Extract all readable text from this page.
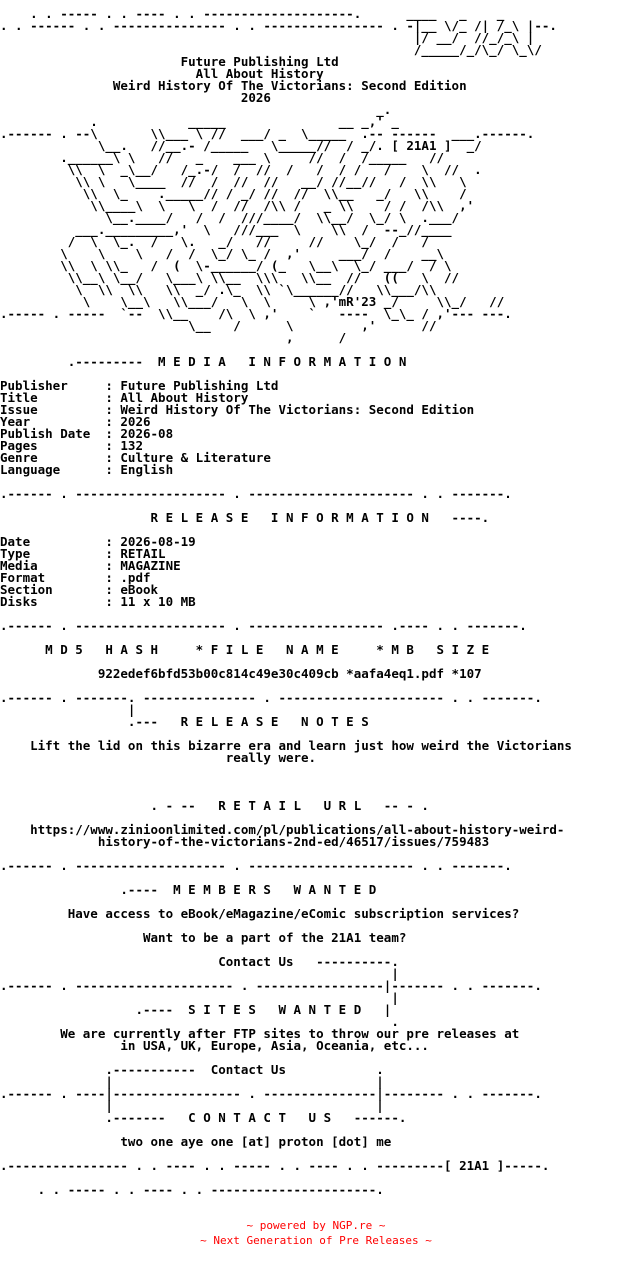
. . ----- . . ---- . . --------------------.      ____   _    _
. . ------ . . --------------- . . ---------------- . -|__ \/_ /| /_\ |--.
|/ __/  //_/_\ |
/_____/_/\_/ \_\/
Future Publishing Ltd
All About History
Weird History Of The Victorians: Second Edition
2026
_.
.            _____               __ _,' _
.------ . --\       \\___ \ //  ___/ _  \_____  .-- ------  ___.------.
\__.   //__.- /_____   \_____//  / _/. [ 21A1 ]  _/
.______\ \   //   _    ___ \     //  /  /_____   //
\\  \  _\__/   /_.-/  /  //  /   /  / /   /    \  //  .
\\ \   \____  //  /  //  //   __/ //__//   /  \\   \
\\  \_    ._____// / _/ //  //  \\__   _/   \\    /
\\____\  \   \  /  //  /\\ /   _ \\    / /  /\\  ,'
\__.____/   /  /  ///____/  \\__/  \_/ \  .___/
___._________,'  \   ///___  \    \\  /  --_//____
/  \  \_.  /   \.   _/   //     //    \_/  /   /
\    \    \   /  /  \_/ \_ /  ,'     ___/  /    __\
\\  \ \\_   /  (  \-______/ (_   \__\  \_/ ___/  / \
\\__\ \__/   \___\ \\__  \\\   \\__  //   ((   \  //
\  \\  \\   \\  _/ .\_  \\ `\______//   \\___/\\
\    \__\   \\___/   \  \     \ ,'mR'23 _/     \\_/   //
.----- . -----  `--  \\__    /\  \ ,'    `   ----  \_\_ / ,'--- ---.
\__   /      \         ,'      //
,      /

.---------  M E D I A   I N F O R M A T I O N

Publisher     : Future Publishing Ltd
Title         : All About History
Issue         : Weird History Of The Victorians: Second Edition
Year          : 2026
Publish Date  : 2026-08
Pages         : 132
Genre         : Culture & Literature
Language      : English

.------ . -------------------- . ---------------------- . . -------.

R E L E A S E   I N F O R M A T I O N   ----.

Date          : 2026-08-19
Type          : RETAIL
Media         : MAGAZINE
Format        : .pdf
Section       : eBook
Disks         : 11 x 10 MB

.------ . -------------------- . ------------------ .---- . . -------.

M D 5   H A S H     * F I L E   N A M E     * M B   S I Z E

922edef6bfd53b00c814c49e30c409cb *aafa4eq1.pdf *107

.------ . -------. --------------- . ---------------------- . . -------.
|
.---   R E L E A S E   N O T E S

Lift the lid on this bizarre era and learn just how weird the Victorians
really were.

. - --   R E T A I L   U R L   -- - .

https://www.zinioonlimited.com/pl/publications/all-about-history-weird-
history-of-the-victorians-2nd-ed/46517/issues/759483

.------ . -------------------- . ---------------------- . . -------.

.----  M E M B E R S   W A N T E D

Have access to eBook/eMagazine/eComic subscription services?

Want to be a part of the 21A1 team?

Contact Us   ----------.
|
.------ . --------------------- . -----------------|------- . . -------.
|
.----  S I T E S   W A N T E D   |
.
We are currently after FTP sites to throw our pre releases at
in USA, UK, Europe, Asia, Oceania, etc...

.-----------  Contact Us            .
|                                   |
.------ . ----|----------------- . ---------------|-------- . . -------.
|                                   |
.-------   C O N T A C T   U S   ------.

two one aye one [at] proton [dot] me

.---------------- . . ---- . . ----- . . ---- . . ---------[ 21A1 ]-----.

. . ----- . . ---- . . ----------------------.

~ powered by NGP.re ~
~ Next Generation of Pre Releases ~
